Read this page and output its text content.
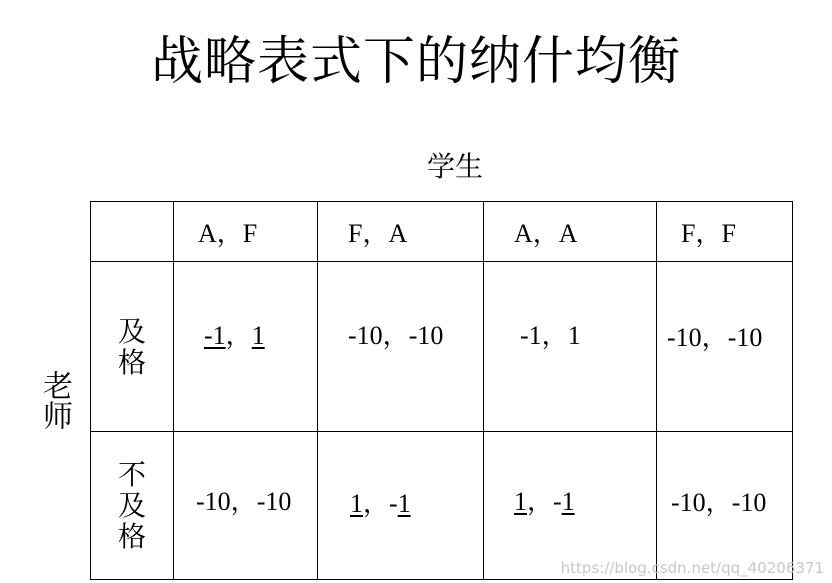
战略表式下的纳什均衡
学生
老师
	A，F	F，A	A，A	F，F
及格	-1，1	-10，-10	-1，1	-10，-10
不及格	-10，-10	1，-1	1，-1	-10，-10
https://blog.csdn.net/qq_40206371
